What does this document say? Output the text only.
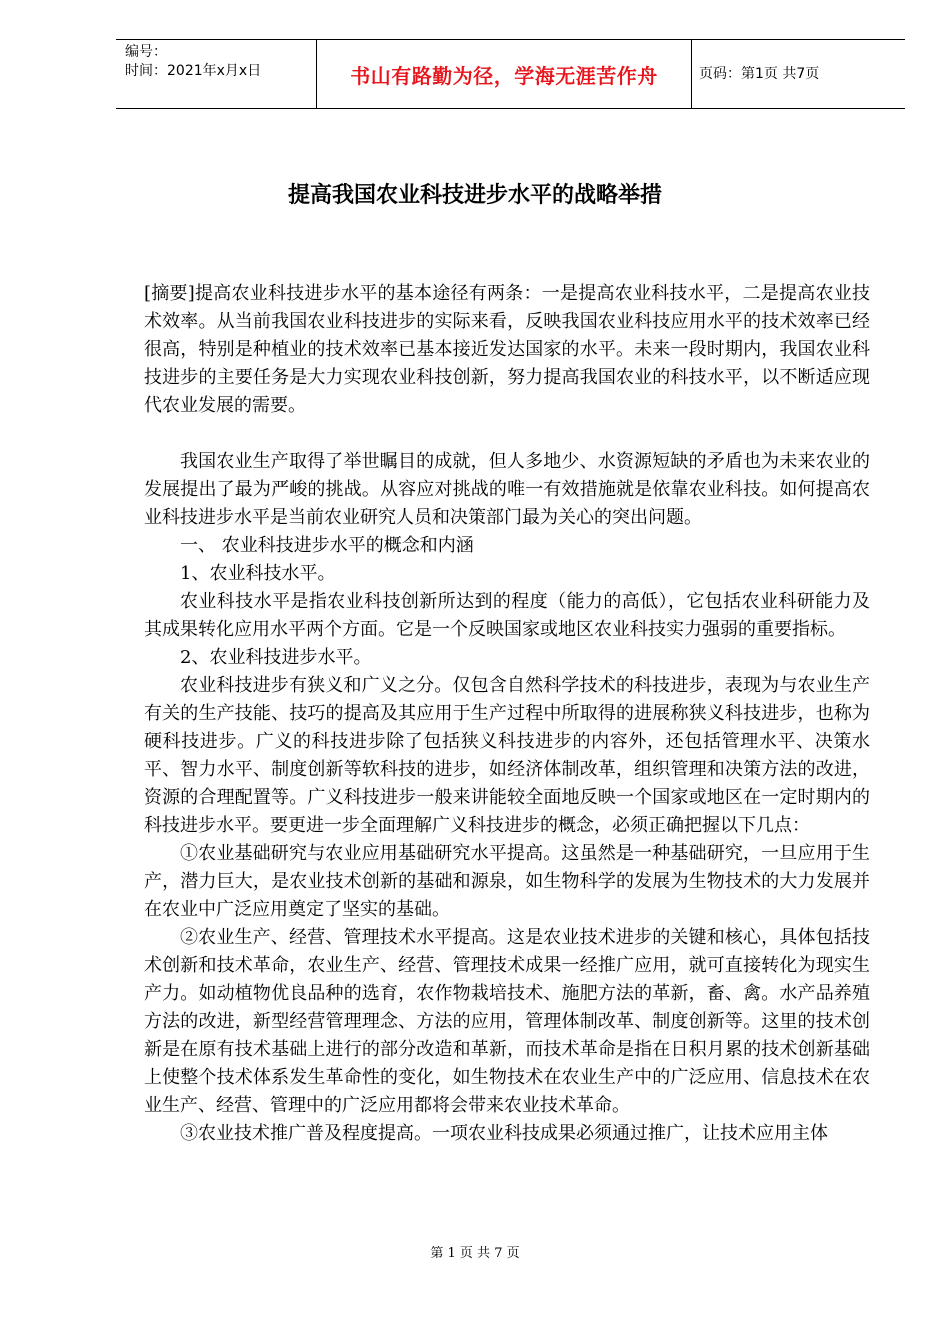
编号：
时间：2021年x月x日	书山有路勤为径，学海无涯苦作舟	页码：第1页 共7页
提高我国农业科技进步水平的战略举措

[摘要]提高农业科技进步水平的基本途径有两条：一是提高农业科技水平，二是提高农业技术效率。从当前我国农业科技进步的实际来看，反映我国农业科技应用水平的技术效率已经很高，特别是种植业的技术效率已基本接近发达国家的水平。未来一段时期内，我国农业科技进步的主要任务是大力实现农业科技创新，努力提高我国农业的科技水平，以不断适应现代农业发展的需要。

我国农业生产取得了举世瞩目的成就，但人多地少、水资源短缺的矛盾也为未来农业的发展提出了最为严峻的挑战。从容应对挑战的唯一有效措施就是依靠农业科技。如何提高农业科技进步水平是当前农业研究人员和决策部门最为关心的突出问题。

一、 农业科技进步水平的概念和内涵

1、农业科技水平。

农业科技水平是指农业科技创新所达到的程度（能力的高低），它包括农业科研能力及其成果转化应用水平两个方面。它是一个反映国家或地区农业科技实力强弱的重要指标。

2、农业科技进步水平。

农业科技进步有狭义和广义之分。仅包含自然科学技术的科技进步，表现为与农业生产有关的生产技能、技巧的提高及其应用于生产过程中所取得的进展称狭义科技进步，也称为硬科技进步。广义的科技进步除了包括狭义科技进步的内容外，还包括管理水平、决策水平、智力水平、制度创新等软科技的进步，如经济体制改革，组织管理和决策方法的改进，资源的合理配置等。广义科技进步一般来讲能较全面地反映一个国家或地区在一定时期内的科技进步水平。要更进一步全面理解广义科技进步的概念，必须正确把握以下几点：

①农业基础研究与农业应用基础研究水平提高。这虽然是一种基础研究，一旦应用于生产，潜力巨大，是农业技术创新的基础和源泉，如生物科学的发展为生物技术的大力发展并在农业中广泛应用奠定了坚实的基础。

②农业生产、经营、管理技术水平提高。这是农业技术进步的关键和核心，具体包括技术创新和技术革命，农业生产、经营、管理技术成果一经推广应用，就可直接转化为现实生产力。如动植物优良品种的选育，农作物栽培技术、施肥方法的革新，畜、禽。水产品养殖方法的改进，新型经营管理理念、方法的应用，管理体制改革、制度创新等。这里的技术创新是在原有技术基础上进行的部分改造和革新，而技术革命是指在日积月累的技术创新基础上使整个技术体系发生革命性的变化，如生物技术在农业生产中的广泛应用、信息技术在农业生产、经营、管理中的广泛应用都将会带来农业技术革命。

③农业技术推广普及程度提高。一项农业科技成果必须通过推广，让技术应用主体

第 1 页 共 7 页
